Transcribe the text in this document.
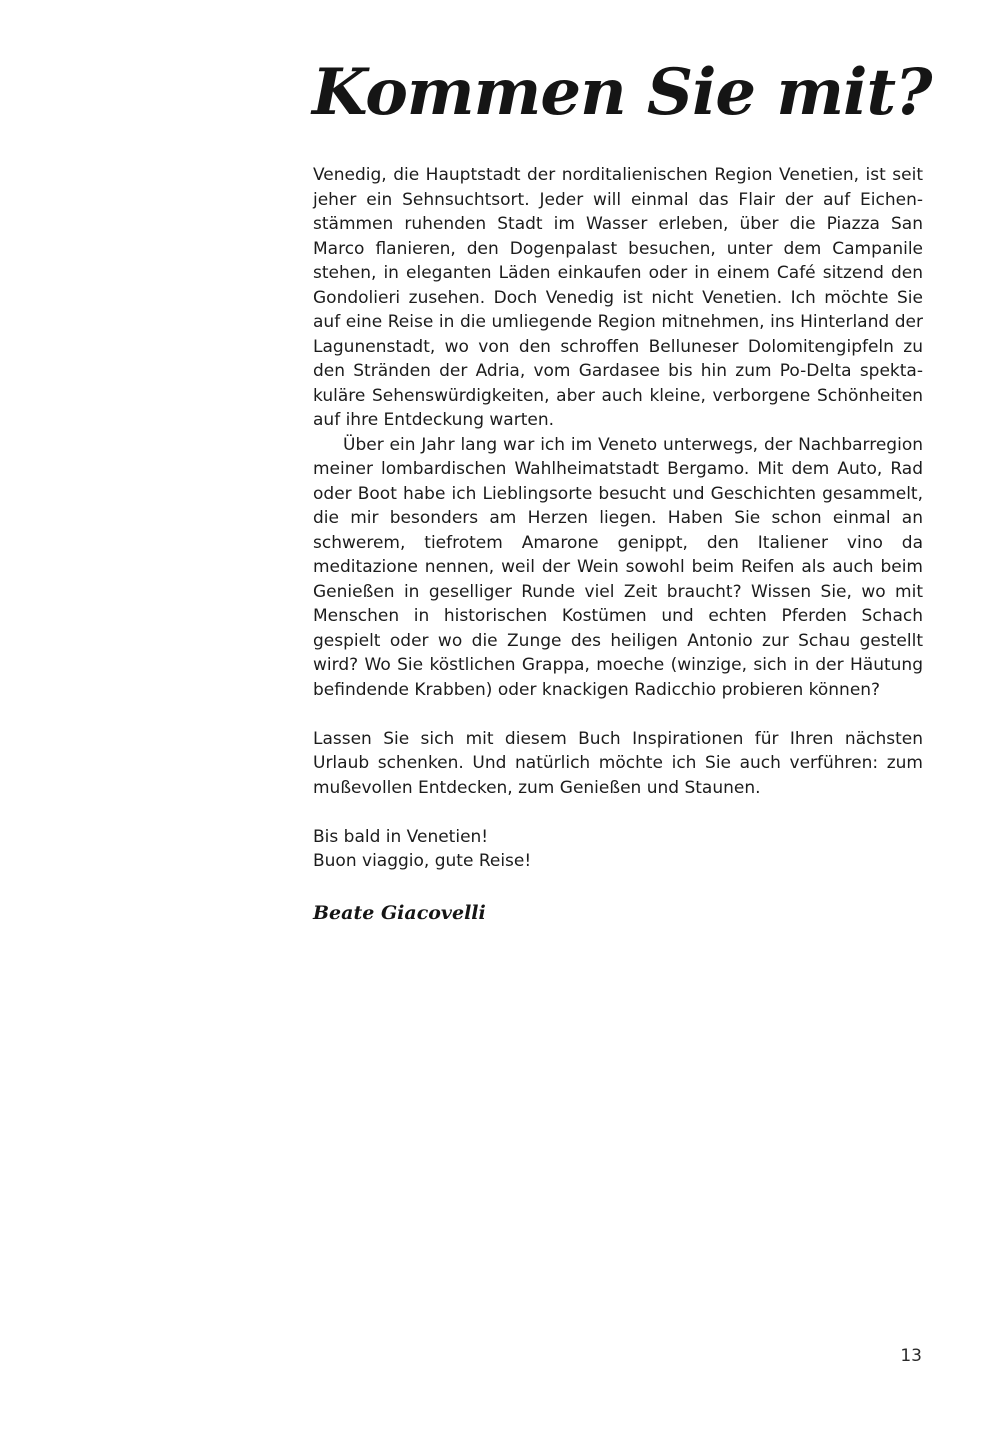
Kommen Sie mit?

Venedig, die Hauptstadt der norditalienischen Region Venetien, ist seit jeher ein Sehnsuchtsort. Jeder will einmal das Flair der auf Eichenstämmen ruhenden Stadt im Wasser erleben, über die Piazza San Marco flanieren, den Dogenpalast besuchen, unter dem Campanile stehen, in eleganten Läden einkaufen oder in einem Café sitzend den Gondolieri zusehen. Doch Venedig ist nicht Venetien. Ich möchte Sie auf eine Reise in die umliegende Region mitnehmen, ins Hinterland der Lagunenstadt, wo von den schroffen Belluneser Dolomitengipfeln zu den Stränden der Adria, vom Gardasee bis hin zum Po-Delta spektakuläre Sehenswürdigkeiten, aber auch kleine, verborgene Schönheiten auf ihre Entdeckung warten.

Über ein Jahr lang war ich im Veneto unterwegs, der Nachbarregion meiner lombardischen Wahlheimatstadt Bergamo. Mit dem Auto, Rad oder Boot habe ich Lieblingsorte besucht und Geschichten gesammelt, die mir besonders am Herzen liegen. Haben Sie schon einmal an schwerem, tiefrotem Amarone genippt, den Italiener vino da meditazione nennen, weil der Wein sowohl beim Reifen als auch beim Genießen in geselliger Runde viel Zeit braucht? Wissen Sie, wo mit Menschen in historischen Kostümen und echten Pferden Schach gespielt oder wo die Zunge des heiligen Antonio zur Schau gestellt wird? Wo Sie köstlichen Grappa, moeche (winzige, sich in der Häutung befindende Krabben) oder knackigen Radicchio probieren können?

Lassen Sie sich mit diesem Buch Inspirationen für Ihren nächsten Urlaub schenken. Und natürlich möchte ich Sie auch verführen: zum mußevollen Entdecken, zum Genießen und Staunen.

Bis bald in Venetien!

Buon viaggio, gute Reise!

Beate Giacovelli
13
